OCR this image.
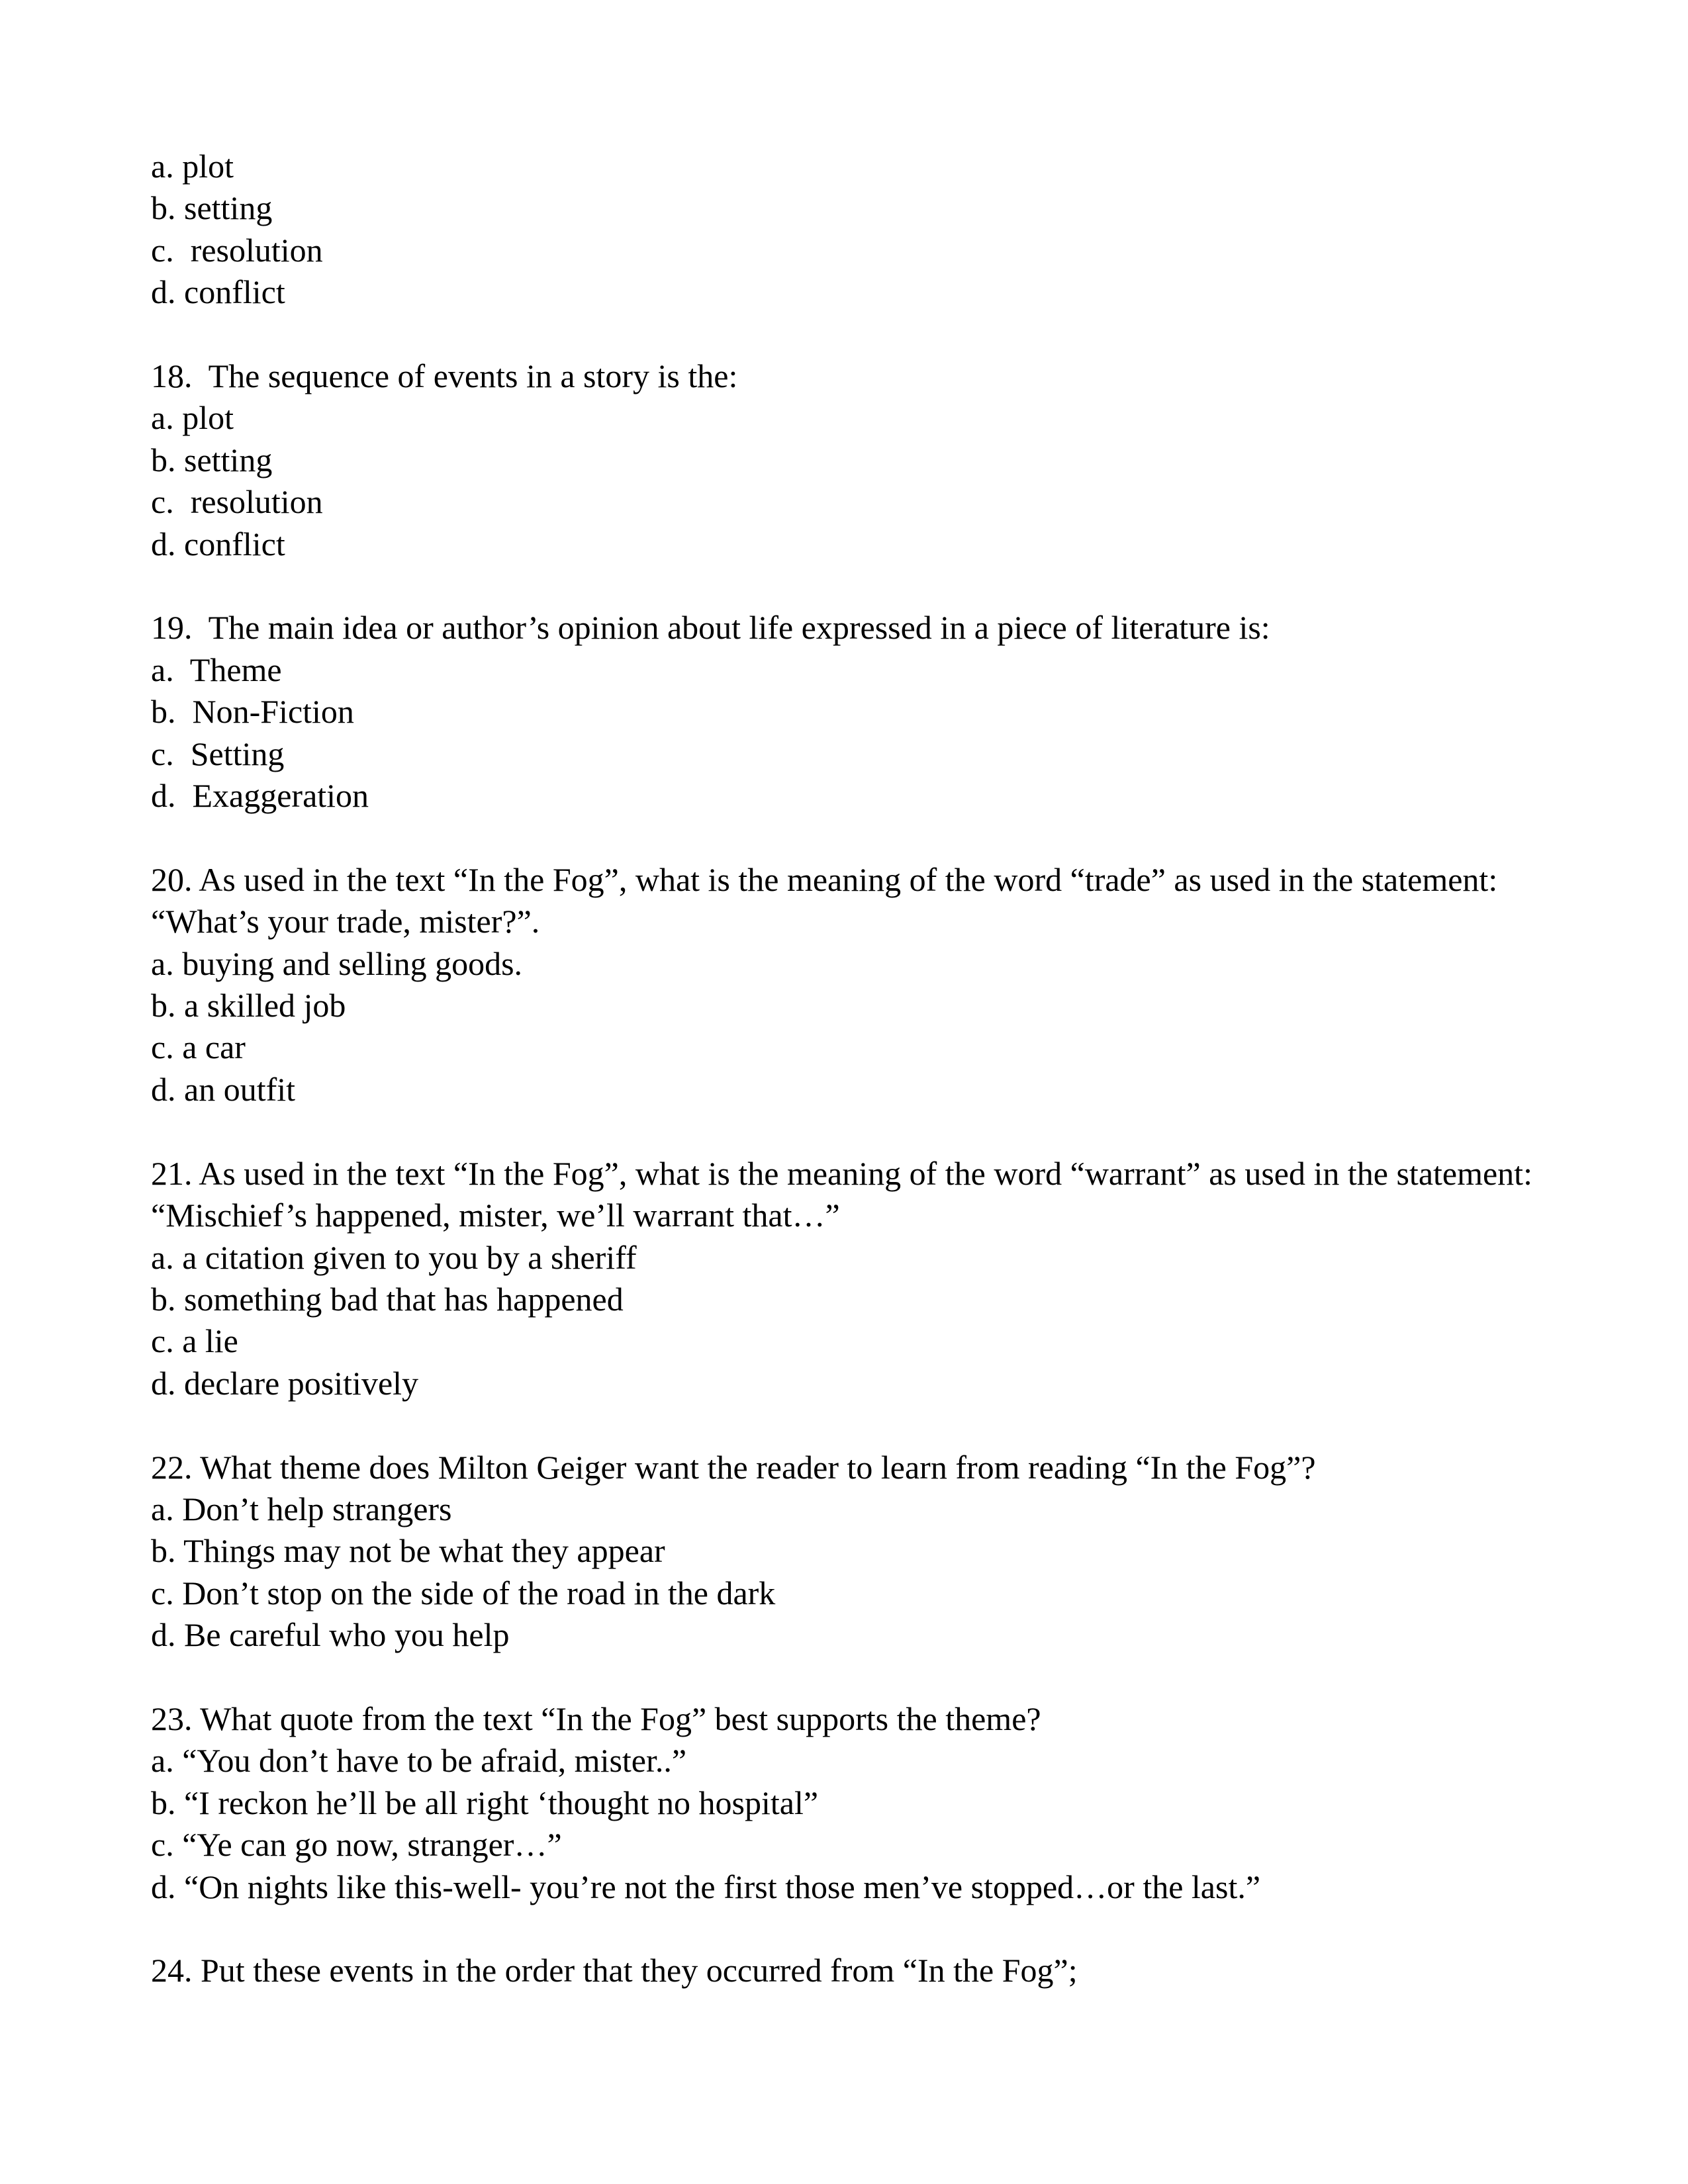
a. plot
b. setting
c.  resolution
d. conflict
18.  The sequence of events in a story is the:
a. plot
b. setting
c.  resolution
d. conflict
19.  The main idea or author’s opinion about life expressed in a piece of literature is:
a.  Theme
b.  Non-Fiction
c.  Setting
d.  Exaggeration
20. As used in the text “In the Fog”, what is the meaning of the word “trade” as used in the statement:
“What’s your trade, mister?”.
a. buying and selling goods.
b. a skilled job
c. a car
d. an outfit
21. As used in the text “In the Fog”, what is the meaning of the word “warrant” as used in the statement:
“Mischief’s happened, mister, we’ll warrant that…”
a. a citation given to you by a sheriff
b. something bad that has happened
c. a lie
d. declare positively
22. What theme does Milton Geiger want the reader to learn from reading “In the Fog”?
a. Don’t help strangers
b. Things may not be what they appear
c. Don’t stop on the side of the road in the dark
d. Be careful who you help
23. What quote from the text “In the Fog” best supports the theme?
a. “You don’t have to be afraid, mister..”
b. “I reckon he’ll be all right ‘thought no hospital”
c. “Ye can go now, stranger…”
d. “On nights like this-well- you’re not the first those men’ve stopped…or the last.”
24. Put these events in the order that they occurred from “In the Fog”;
